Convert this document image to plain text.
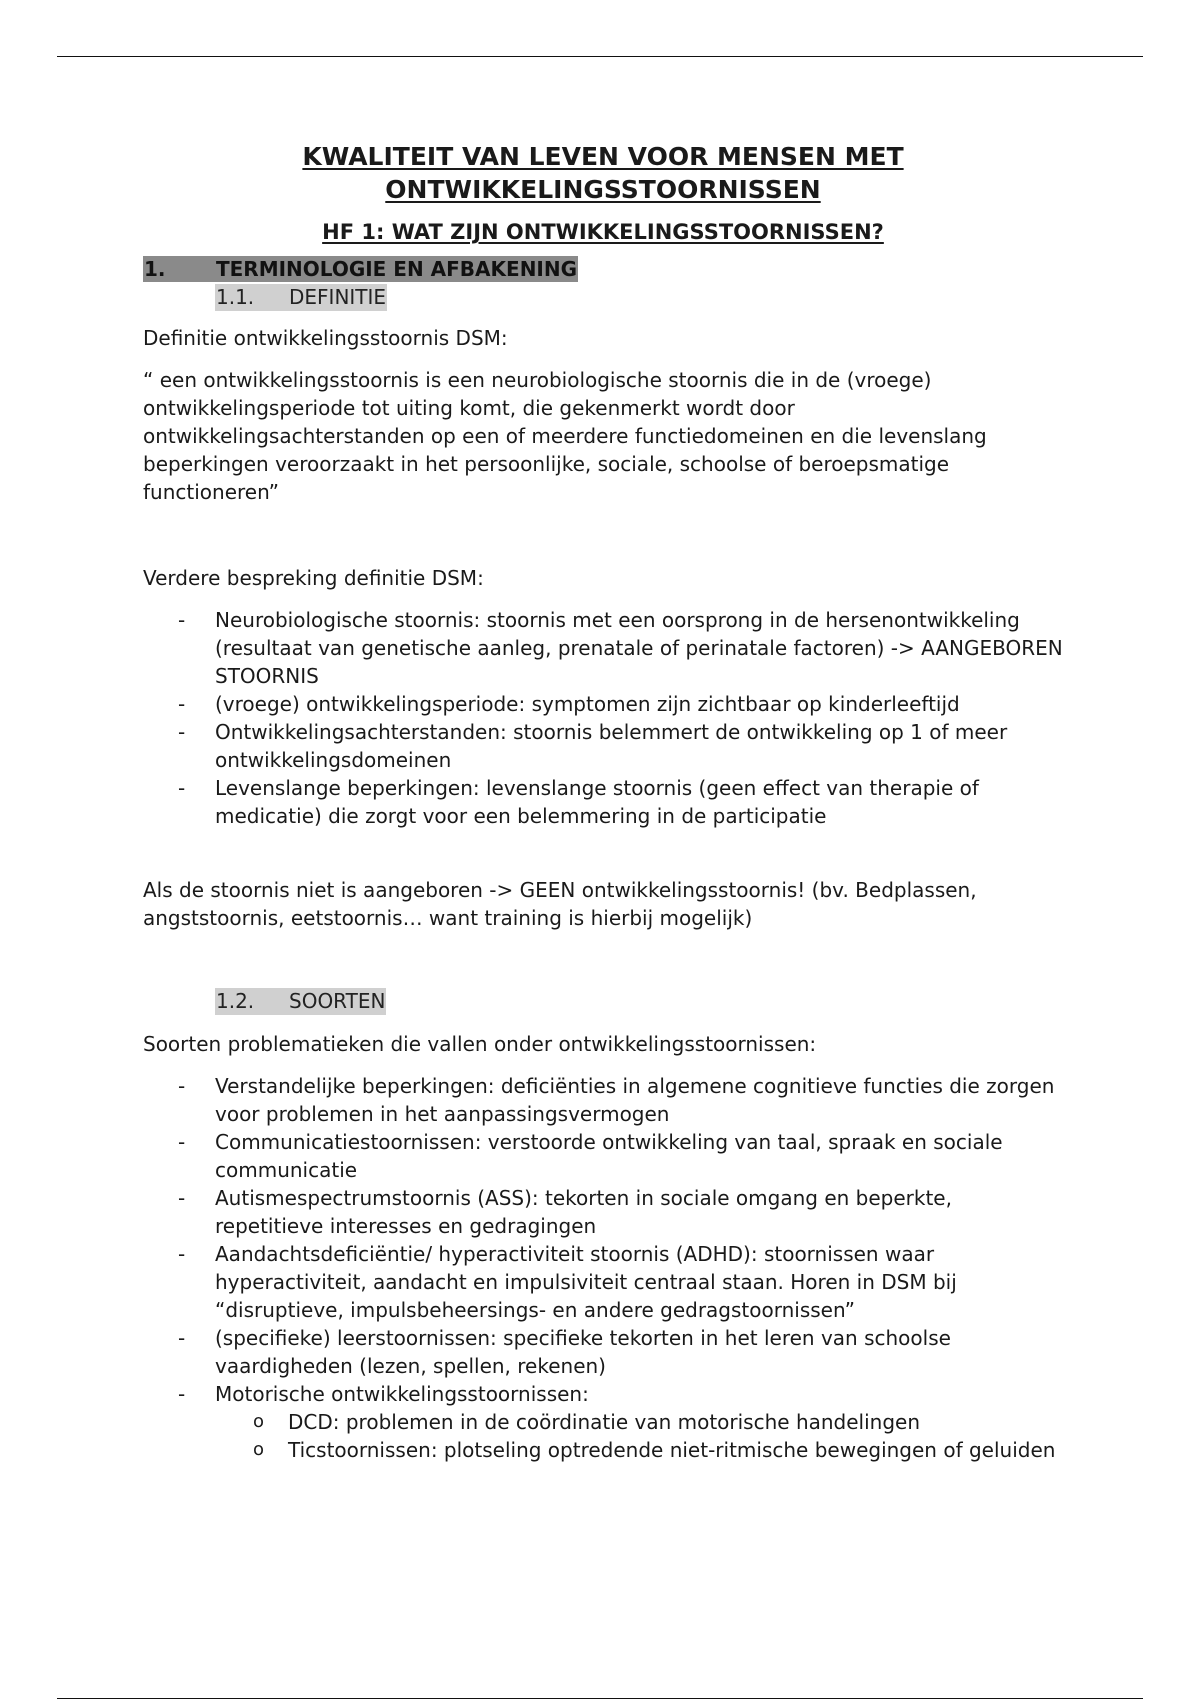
KWALITEIT VAN LEVEN VOOR MENSEN MET
ONTWIKKELINGSSTOORNISSEN
HF 1: WAT ZIJN ONTWIKKELINGSSTOORNISSEN?
1.	TERMINOLOGIE EN AFBAKENING
1.1. DEFINITIE

Definitie ontwikkelingsstoornis DSM:

“ een ontwikkelingsstoornis is een neurobiologische stoornis die in de (vroege) ontwikkelingsperiode tot uiting komt, die gekenmerkt wordt door ontwikkelingsachterstanden op een of meerdere functiedomeinen en die levenslang beperkingen veroorzaakt in het persoonlijke, sociale, schoolse of beroepsmatige functioneren”

Verdere bespreking definitie DSM:

- Neurobiologische stoornis: stoornis met een oorsprong in de hersenontwikkeling (resultaat van genetische aanleg, prenatale of perinatale factoren) -> AANGEBOREN STOORNIS
- (vroege) ontwikkelingsperiode: symptomen zijn zichtbaar op kinderleeftijd
- Ontwikkelingsachterstanden: stoornis belemmert de ontwikkeling op 1 of meer ontwikkelingsdomeinen
- Levenslange beperkingen: levenslange stoornis (geen effect van therapie of medicatie) die zorgt voor een belemmering in de participatie

Als de stoornis niet is aangeboren -> GEEN ontwikkelingsstoornis! (bv. Bedplassen, angststoornis, eetstoornis… want training is hierbij mogelijk)

1.2. SOORTEN

Soorten problematieken die vallen onder ontwikkelingsstoornissen:

- Verstandelijke beperkingen: deficiënties in algemene cognitieve functies die zorgen voor problemen in het aanpassingsvermogen
- Communicatiestoornissen: verstoorde ontwikkeling van taal, spraak en sociale communicatie
- Autismespectrumstoornis (ASS): tekorten in sociale omgang en beperkte, repetitieve interesses en gedragingen
- Aandachtsdeficiëntie/ hyperactiviteit stoornis (ADHD): stoornissen waar hyperactiviteit, aandacht en impulsiviteit centraal staan. Horen in DSM bij “disruptieve, impulsbeheersings- en andere gedragstoornissen”
- (specifieke) leerstoornissen: specifieke tekorten in het leren van schoolse vaardigheden (lezen, spellen, rekenen)
- Motorische ontwikkelingsstoornissen:
o DCD: problemen in de coördinatie van motorische handelingen
o Ticstoornissen: plotseling optredende niet-ritmische bewegingen of geluiden
